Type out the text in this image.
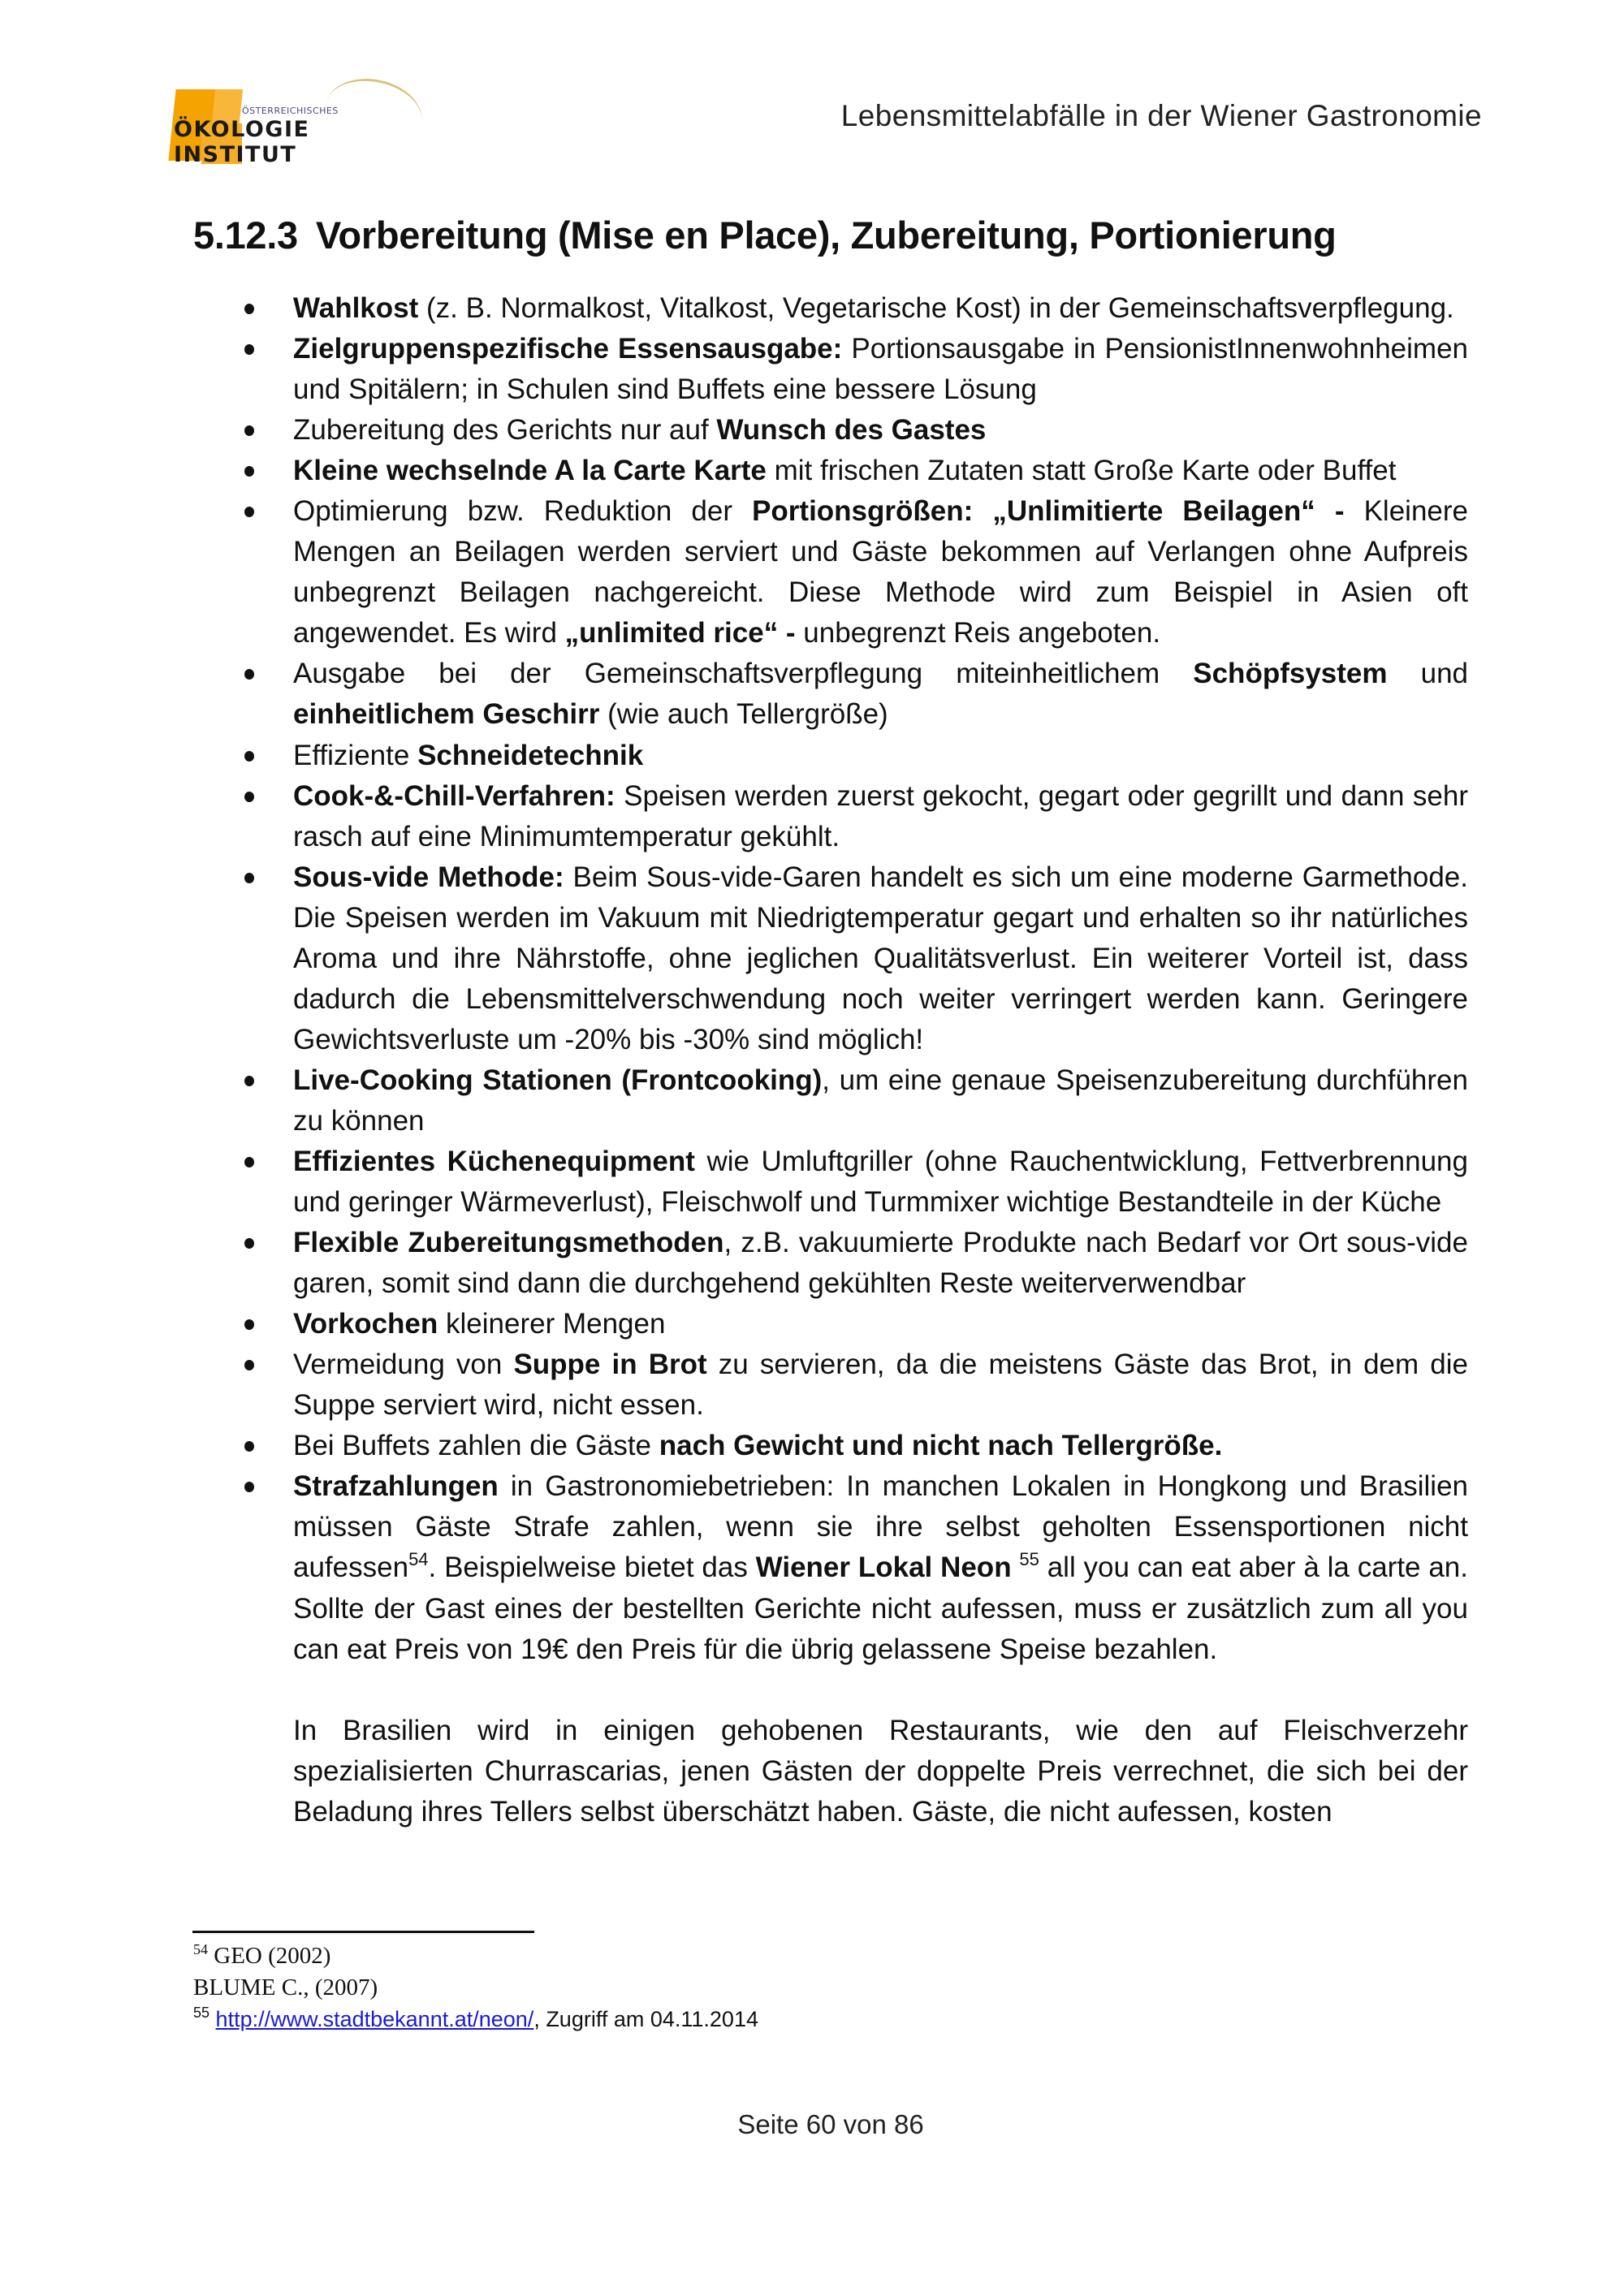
ÖSTERREICHISCHES
ÖKOLOGIE INSTITUT
Lebensmittelabfälle in der Wiener Gastronomie
5.12.3 Vorbereitung (Mise en Place), Zubereitung, Portionierung
Wahlkost (z. B. Normalkost, Vitalkost, Vegetarische Kost) in der Gemeinschaftsverpflegung.
Zielgruppenspezifische Essensausgabe: Portionsausgabe in PensionistInnenwohnheimen und Spitälern; in Schulen sind Buffets eine bessere Lösung
Zubereitung des Gerichts nur auf Wunsch des Gastes
Kleine wechselnde A la Carte Karte mit frischen Zutaten statt Große Karte oder Buffet
Optimierung bzw. Reduktion der Portionsgrößen: „Unlimitierte Beilagen“ - Kleinere Mengen an Beilagen werden serviert und Gäste bekommen auf Verlangen ohne Aufpreis unbegrenzt Beilagen nachgereicht. Diese Methode wird zum Beispiel in Asien oft angewendet. Es wird „unlimited rice“ - unbegrenzt Reis angeboten.
Ausgabe bei der Gemeinschaftsverpflegung miteinheitlichem Schöpfsystem und einheitlichem Geschirr (wie auch Tellergröße)
Effiziente Schneidetechnik
Cook-&-Chill-Verfahren: Speisen werden zuerst gekocht, gegart oder gegrillt und dann sehr rasch auf eine Minimumtemperatur gekühlt.
Sous-vide Methode: Beim Sous-vide-Garen handelt es sich um eine moderne Garmethode. Die Speisen werden im Vakuum mit Niedrigtemperatur gegart und erhalten so ihr natürliches Aroma und ihre Nährstoffe, ohne jeglichen Qualitätsverlust. Ein weiterer Vorteil ist, dass dadurch die Lebensmittelverschwendung noch weiter verringert werden kann. Geringere Gewichtsverluste um -20% bis -30% sind möglich!
Live-Cooking Stationen (Frontcooking), um eine genaue Speisenzubereitung durchführen zu können
Effizientes Küchenequipment wie Umluftgriller (ohne Rauchentwicklung, Fettverbrennung und geringer Wärmeverlust), Fleischwolf und Turmmixer wichtige Bestandteile in der Küche
Flexible Zubereitungsmethoden, z.B. vakuumierte Produkte nach Bedarf vor Ort sous-vide garen, somit sind dann die durchgehend gekühlten Reste weiterverwendbar
Vorkochen kleinerer Mengen
Vermeidung von Suppe in Brot zu servieren, da die meistens Gäste das Brot, in dem die Suppe serviert wird, nicht essen.
Bei Buffets zahlen die Gäste nach Gewicht und nicht nach Tellergröße.
Strafzahlungen in Gastronomiebetrieben: In manchen Lokalen in Hongkong und Brasilien müssen Gäste Strafe zahlen, wenn sie ihre selbst geholten Essensportionen nicht aufessen$^{54}$. Beispielweise bietet das Wiener Lokal Neon $^{55}$ all you can eat aber à la carte an. Sollte der Gast eines der bestellten Gerichte nicht aufessen, muss er zusätzlich zum all you can eat Preis von 19€ den Preis für die übrig gelassene Speise bezahlen.

In Brasilien wird in einigen gehobenen Restaurants, wie den auf Fleischverzehr spezialisierten Churrascarias, jenen Gästen der doppelte Preis verrechnet, die sich bei der Beladung ihres Tellers selbst überschätzt haben. Gäste, die nicht aufessen, kosten

$^{54}$ GEO (2002)
BLUME C., (2007)
$^{55}$ http://www.stadtbekannt.at/neon/, Zugriff am 04.11.2014
Seite 60 von 86
